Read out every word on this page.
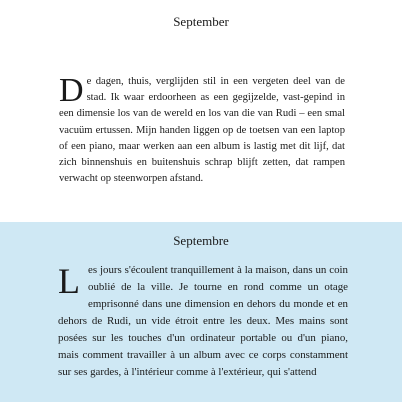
September

De dagen, thuis, verglijden stil in een vergeten deel van de stad. Ik waar erdoorheen as een gegijzelde, vast-gepind in een dimensie los van de wereld en los van die van Rudi – een smal vacuüm ertussen. Mijn handen liggen op de toetsen van een laptop of een piano, maar werken aan een album is lastig met dit lijf, dat zich binnenshuis en buitenshuis schrap blijft zetten, dat rampen verwacht op steenworpen afstand.

Septembre

Les jours s'écoulent tranquillement à la maison, dans un coin oublié de la ville. Je tourne en rond comme un otage emprisonné dans une dimension en dehors du monde et en dehors de Rudi, un vide étroit entre les deux. Mes mains sont posées sur les touches d'un ordinateur portable ou d'un piano, mais comment travailler à un album avec ce corps constamment sur ses gardes, à l'intérieur comme à l'extérieur, qui s'attend
